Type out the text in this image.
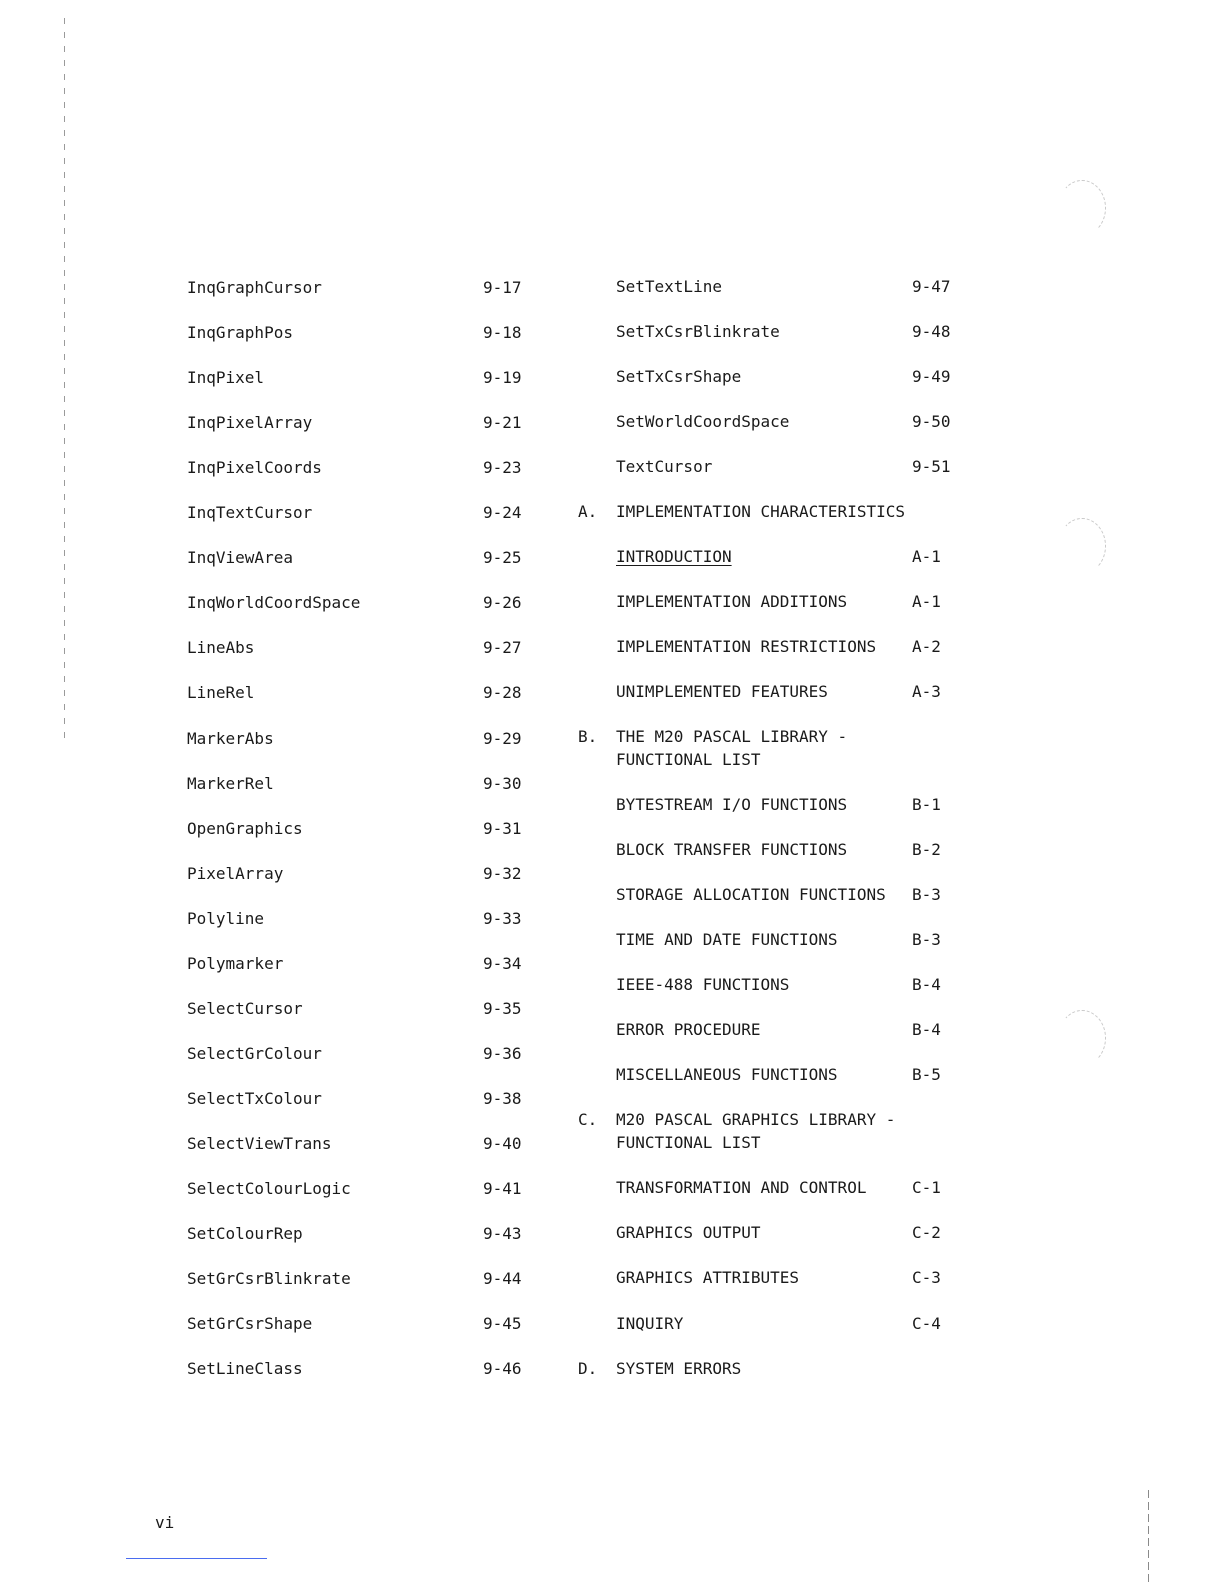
InqGraphCursor	9-17
InqGraphPos	9-18
InqPixel	9-19
InqPixelArray	9-21
InqPixelCoords	9-23
InqTextCursor	9-24
InqViewArea	9-25
InqWorldCoordSpace	9-26
LineAbs	9-27
LineRel	9-28
MarkerAbs	9-29
MarkerRel	9-30
OpenGraphics	9-31
PixelArray	9-32
Polyline	9-33
Polymarker	9-34
SelectCursor	9-35
SelectGrColour	9-36
SelectTxColour	9-38
SelectViewTrans	9-40
SelectColourLogic	9-41
SetColourRep	9-43
SetGrCsrBlinkrate	9-44
SetGrCsrShape	9-45
SetLineClass	9-46
SetTextLine	9-47
SetTxCsrBlinkrate	9-48
SetTxCsrShape	9-49
SetWorldCoordSpace	9-50
TextCursor	9-51
A. IMPLEMENTATION CHARACTERISTICS
INTRODUCTION	A-1
IMPLEMENTATION ADDITIONS	A-1
IMPLEMENTATION RESTRICTIONS A-2
UNIMPLEMENTED FEATURES	A-3
B. THE M20 PASCAL LIBRARY -
FUNCTIONAL LIST
BYTESTREAM I/O FUNCTIONS	B-1
BLOCK TRANSFER FUNCTIONS	B-2
STORAGE ALLOCATION FUNCTIONS B-3
TIME AND DATE FUNCTIONS	B-3
IEEE-488 FUNCTIONS	B-4
ERROR PROCEDURE	B-4
MISCELLANEOUS FUNCTIONS	B-5
C. M20 PASCAL GRAPHICS LIBRARY -
FUNCTIONAL LIST
TRANSFORMATION AND CONTROL	C-1
GRAPHICS OUTPUT	C-2
GRAPHICS ATTRIBUTES	C-3
INQUIRY	C-4
D. SYSTEM ERRORS
vi
